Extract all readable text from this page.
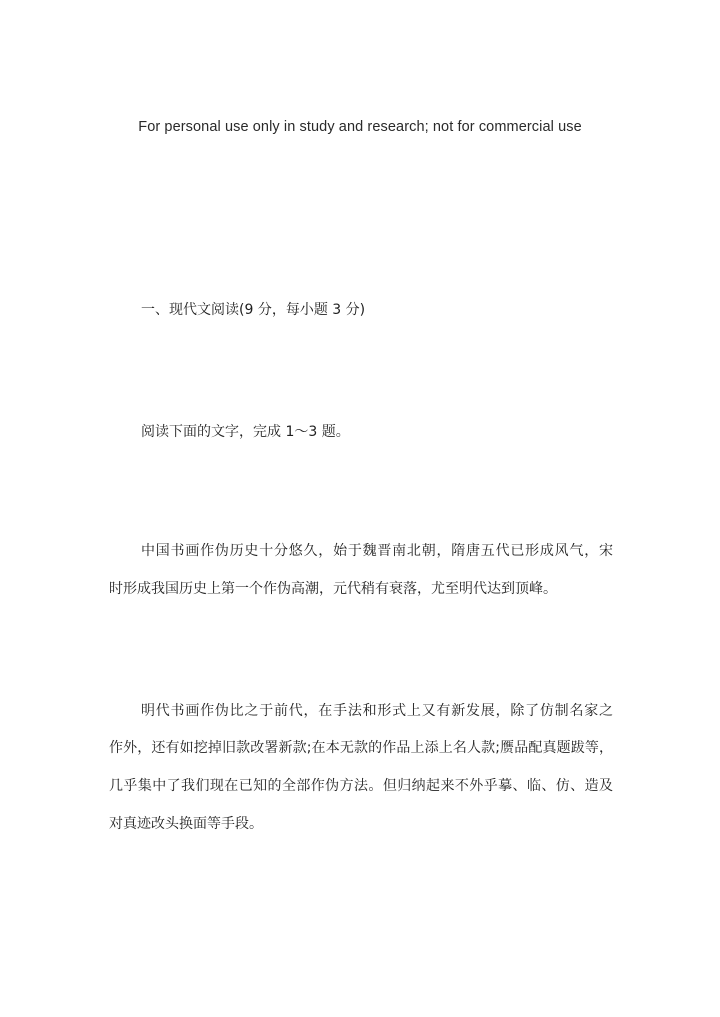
For personal use only in study and research; not for commercial use
一、现代文阅读(9 分，每小题 3 分)
阅读下面的文字，完成 1～3 题。
中国书画作伪历史十分悠久，始于魏晋南北朝，隋唐五代已形成风气，宋
时形成我国历史上第一个作伪高潮，元代稍有衰落，尤至明代达到顶峰。
明代书画作伪比之于前代，在手法和形式上又有新发展，除了仿制名家之
作外，还有如挖掉旧款改署新款;在本无款的作品上添上名人款;赝品配真题跋等，
几乎集中了我们现在已知的全部作伪方法。但归纳起来不外乎摹、临、仿、造及
对真迹改头换面等手段。
